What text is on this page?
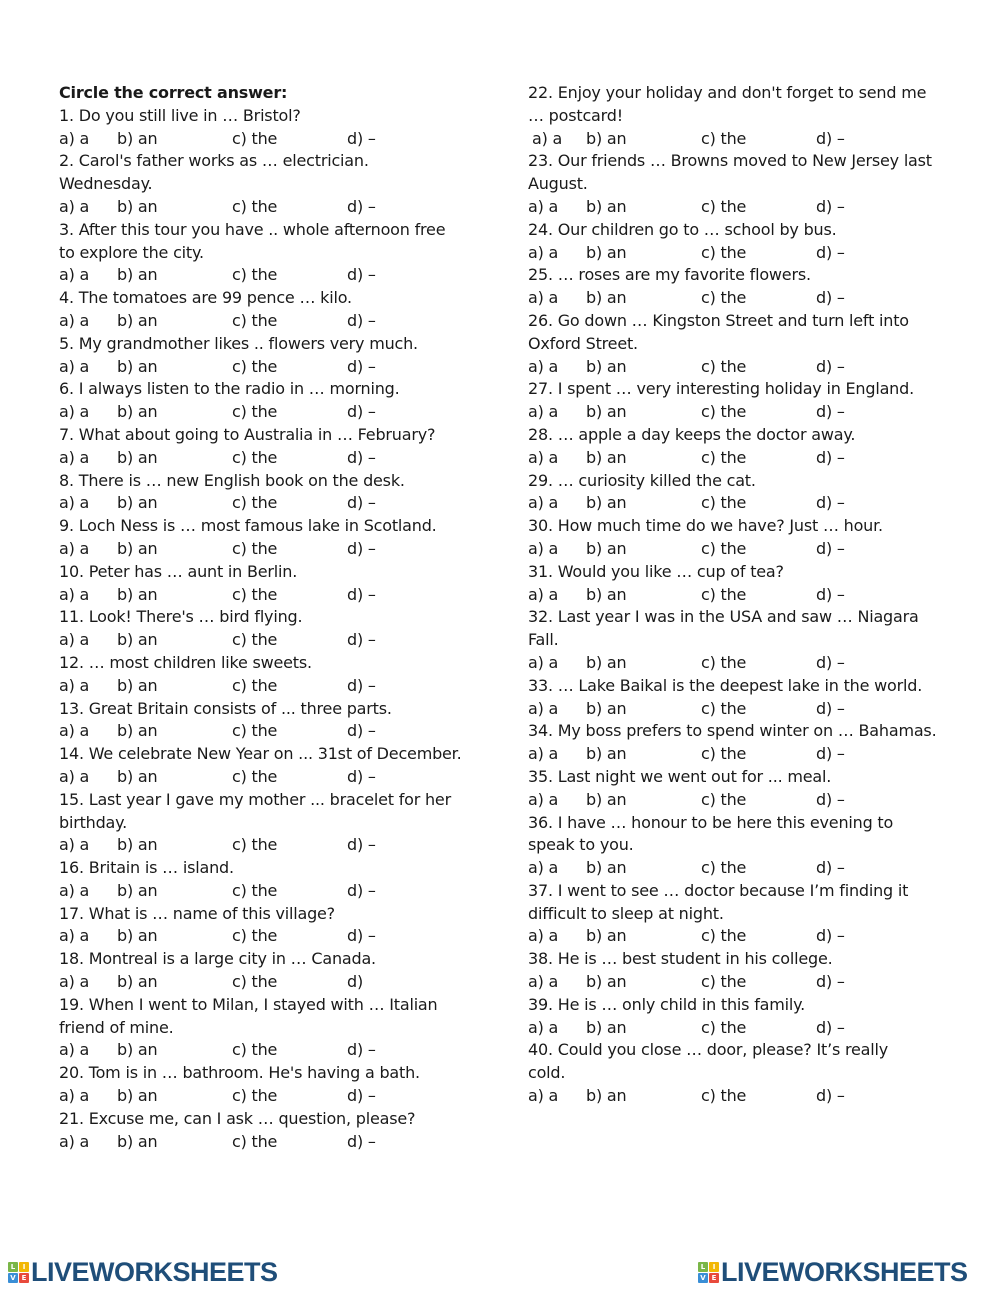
Circle the correct answer:
1. Do you still live in … Bristol?
a) a b) an	c) the	d) –
2. Carol's father works as … electrician. Wednesday.
a) a b) an	c) the	d) –
3. After this tour you have .. whole afternoon free to explore the city.
a) a b) an	c) the	d) –
4. The tomatoes are 99 pence … kilo.
a) a b) an	c) the	d) –
5. My grandmother likes .. flowers very much.
a) a b) an	c) the	d) –
6. I always listen to the radio in … morning.
a) a b) an	c) the	d) –
7. What about going to Australia in … February?
a) a b) an	c) the	d) –
8. There is … new English book on the desk.
a) a b) an	c) the	d) –
9. Loch Ness is … most famous lake in Scotland.
a) a b) an	c) the	d) –
10. Peter has … aunt in Berlin.
a) a b) an	c) the	d) –
11. Look! There's … bird flying.
a) a b) an	c) the	d) –
12. … most children like sweets.
a) a b) an	c) the	d) –
13. Great Britain consists of ... three parts.
a) a b) an	c) the	d) –
14. We celebrate New Year on ... 31st of December.
a) a b) an	c) the	d) –
15. Last year I gave my mother ... bracelet for her birthday.
a) a b) an	c) the	d) –
16. Britain is … island.
a) a b) an	c) the	d) –
17. What is … name of this village?
a) a b) an	c) the	d) –
18. Montreal is a large city in … Canada.
a) a b) an	c) the	d)
19. When I went to Milan, I stayed with … Italian friend of mine.
a) a b) an	c) the	d) –
20. Tom is in … bathroom. He's having a bath.
a) a b) an	c) the	d) –
21. Excuse me, can I ask … question, please?
a) a b) an	c) the	d) –
22. Enjoy your holiday and don't forget to send me … postcard!
a) a b) an	c) the	d) –
23. Our friends … Browns moved to New Jersey last August.
a) a b) an	c) the	d) –
24. Our children go to … school by bus.
a) a b) an	c) the	d) –
25. … roses are my favorite flowers.
a) a b) an	c) the	d) –
26. Go down … Kingston Street and turn left into Oxford Street.
a) a b) an	c) the	d) –
27. I spent … very interesting holiday in England.
a) a b) an	c) the	d) –
28. … apple a day keeps the doctor away.
a) a b) an	c) the	d) –
29. … curiosity killed the cat.
a) a b) an	c) the	d) –
30. How much time do we have? Just … hour.
a) a b) an	c) the	d) –
31. Would you like … cup of tea?
a) a b) an	c) the	d) –
32. Last year I was in the USA and saw … Niagara Fall.
a) a b) an	c) the	d) –
33. … Lake Baikal is the deepest lake in the world.
a) a b) an	c) the	d) –
34. My boss prefers to spend winter on … Bahamas.
a) a b) an	c) the	d) –
35. Last night we went out for ... meal.
a) a b) an	c) the	d) –
36. I have … honour to be here this evening to speak to you.
a) a b) an	c) the	d) –
37. I went to see … doctor because I’m finding it difficult to sleep at night.
a) a b) an	c) the	d) –
38. He is … best student in his college.
a) a b) an	c) the	d) –
39. He is … only child in this family.
a) a b) an	c) the	d) –
40. Could you close … door, please? It’s really cold.
a) a b) an	c) the	d) –
L	I
V E LIVEWORKSHEETS	L	I
V E LIVEWORKSHEETS
